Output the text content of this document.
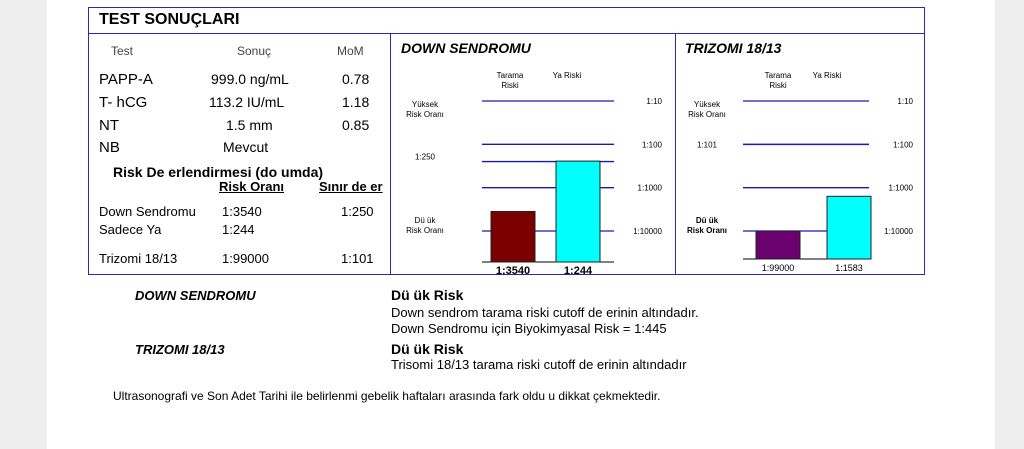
TEST SONUÇLARI
Test	Sonuç	MoM
PAPP-A	999.0 ng/mL	0.78
T- hCG	113.2 IU/mL	1.18
NT	1.5 mm	0.85
NB	Mevcut
Risk De erlendirmesi (do umda)
Risk Oranı	Sınır de er
Down Sendromu 1:3540	1:250
Sadece Ya	1:244
Trizomi 18/13	1:99000	1:101
DOWN SENDROMU
Tarama
Riski
Ya Riski
Yüksek
Risk Oranı
Dü ük
Risk Oranı
1:10
1:100
1:1000
1:10000
1:250
1:3540	1:244
TRIZOMI 18/13
Tarama
Riski
Ya Riski
Yüksek
Risk Oranı
Dü ük
Risk Oranı
1:10
1:100
1:1000
1:10000
1:101
1:99000	1:1583
DOWN SENDROMU	Dü ük Risk
Down sendrom tarama riski cutoff de erinin altındadır.
Down Sendromu için Biyokimyasal Risk = 1:445
TRIZOMI 18/13	Dü ük Risk
Trisomi 18/13 tarama riski cutoff de erinin altındadır
Ultrasonografi ve Son Adet Tarihi ile belirlenmi gebelik haftaları arasında fark oldu u dikkat çekmektedir.
